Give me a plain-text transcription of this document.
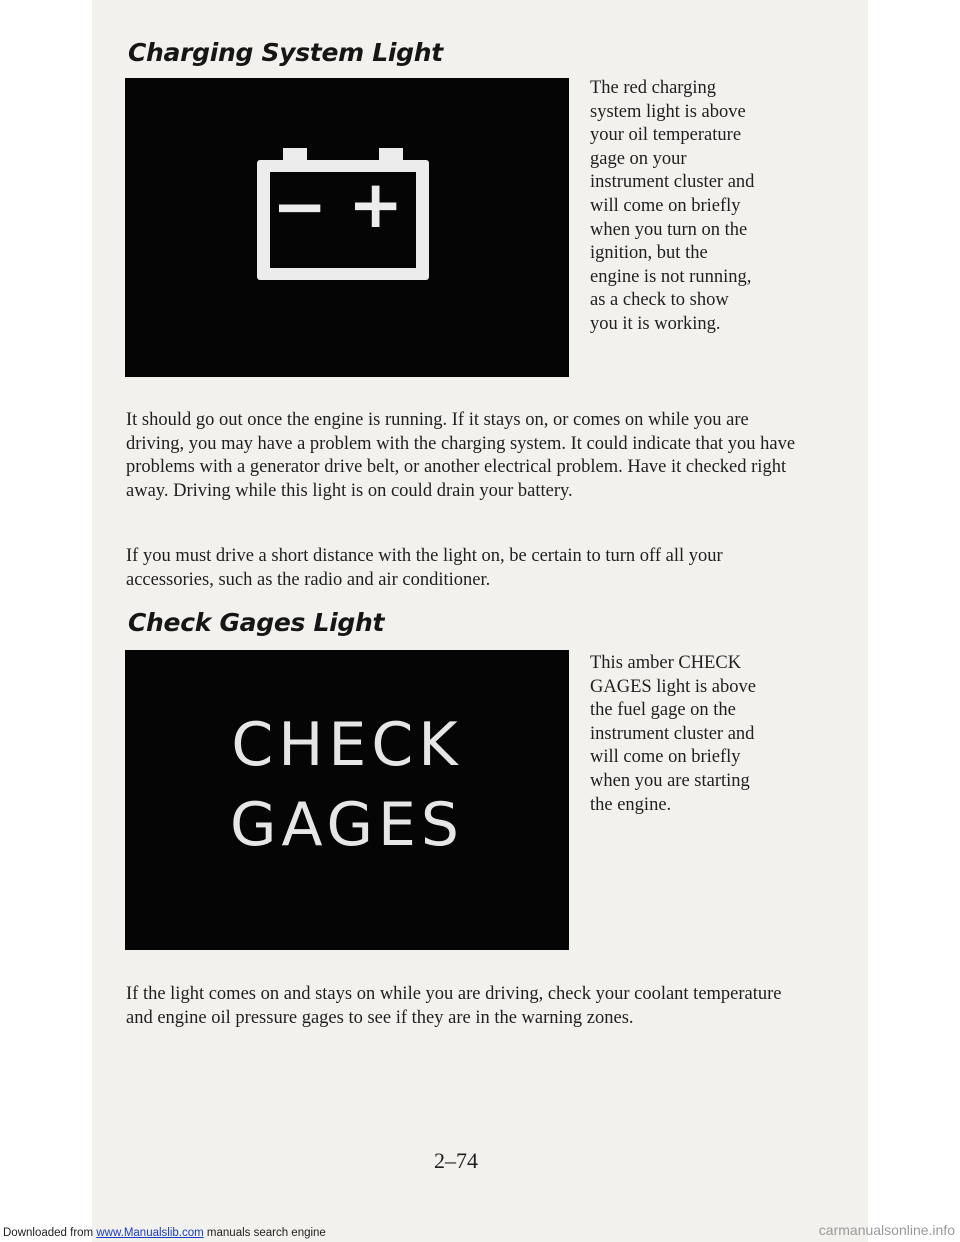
Charging System Light
− +
The red charging
system light is above
your oil temperature
gage on your
instrument cluster and
will come on briefly
when you turn on the
ignition, but the
engine is not running,
as a check to show
you it is working.

It should go out once the engine is running. If it stays on, or comes on while you are driving, you may have a problem with the charging system. It could indicate that you have problems with a generator drive belt, or another electrical problem. Have it checked right away. Driving while this light is on could drain your battery.

If you must drive a short distance with the light on, be certain to turn off all your accessories, such as the radio and air conditioner.

Check Gages Light
CHECK
GAGES
This amber CHECK
GAGES light is above
the fuel gage on the
instrument cluster and
will come on briefly
when you are starting
the engine.

If the light comes on and stays on while you are driving, check your coolant temperature and engine oil pressure gages to see if they are in the warning zones.

2–74
Downloaded from www.Manualslib.com manuals search engine	carmanualsonline.info
